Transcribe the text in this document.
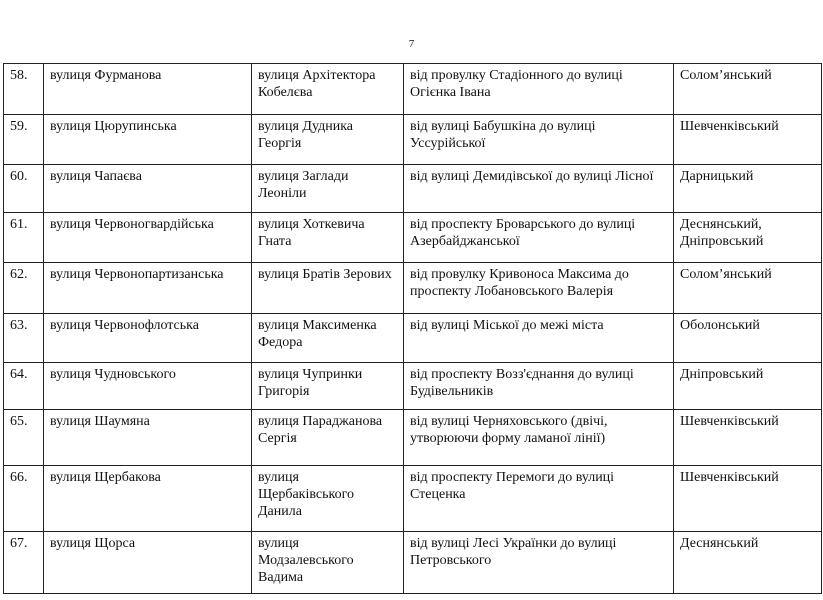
7
58.	вулиця Фурманова	вулиця Архітектора Кобелєва	від провулку Стадіонного до вулиці Огієнка Івана	Солом’янський
59.	вулиця Цюрупинська	вулиця Дудника Георгія	від вулиці Бабушкіна до вулиці Уссурійської	Шевченківський
60.	вулиця Чапаєва	вулиця Заглади Леоніли	від вулиці Демидівської до вулиці Лісної	Дарницький
61.	вулиця Червоногвардійська	вулиця Хоткевича Гната	від проспекту Броварського до вулиці Азербайджанської	Деснянський, Дніпровський
62.	вулиця Червонопартизанська	вулиця Братів Зерових	від провулку Кривоноса Максима до проспекту Лобановського Валерія	Солом’янський
63.	вулиця Червонофлотська	вулиця Максименка Федора	від вулиці Міської до межі міста	Оболонський
64.	вулиця Чудновського	вулиця Чупринки Григорія	від проспекту Возз'єднання до вулиці Будівельників	Дніпровський
65.	вулиця Шаумяна	вулиця Параджанова Сергія	від вулиці Черняховського (двічі, утворюючи форму ламаної лінії)	Шевченківський
66.	вулиця Щербакова	вулиця Щербаківського Данила	від проспекту Перемоги до вулиці Стеценка	Шевченківський
67.	вулиця Щорса	вулиця Модзалевського Вадима	від вулиці Лесі Українки до вулиці Петровського	Деснянський
